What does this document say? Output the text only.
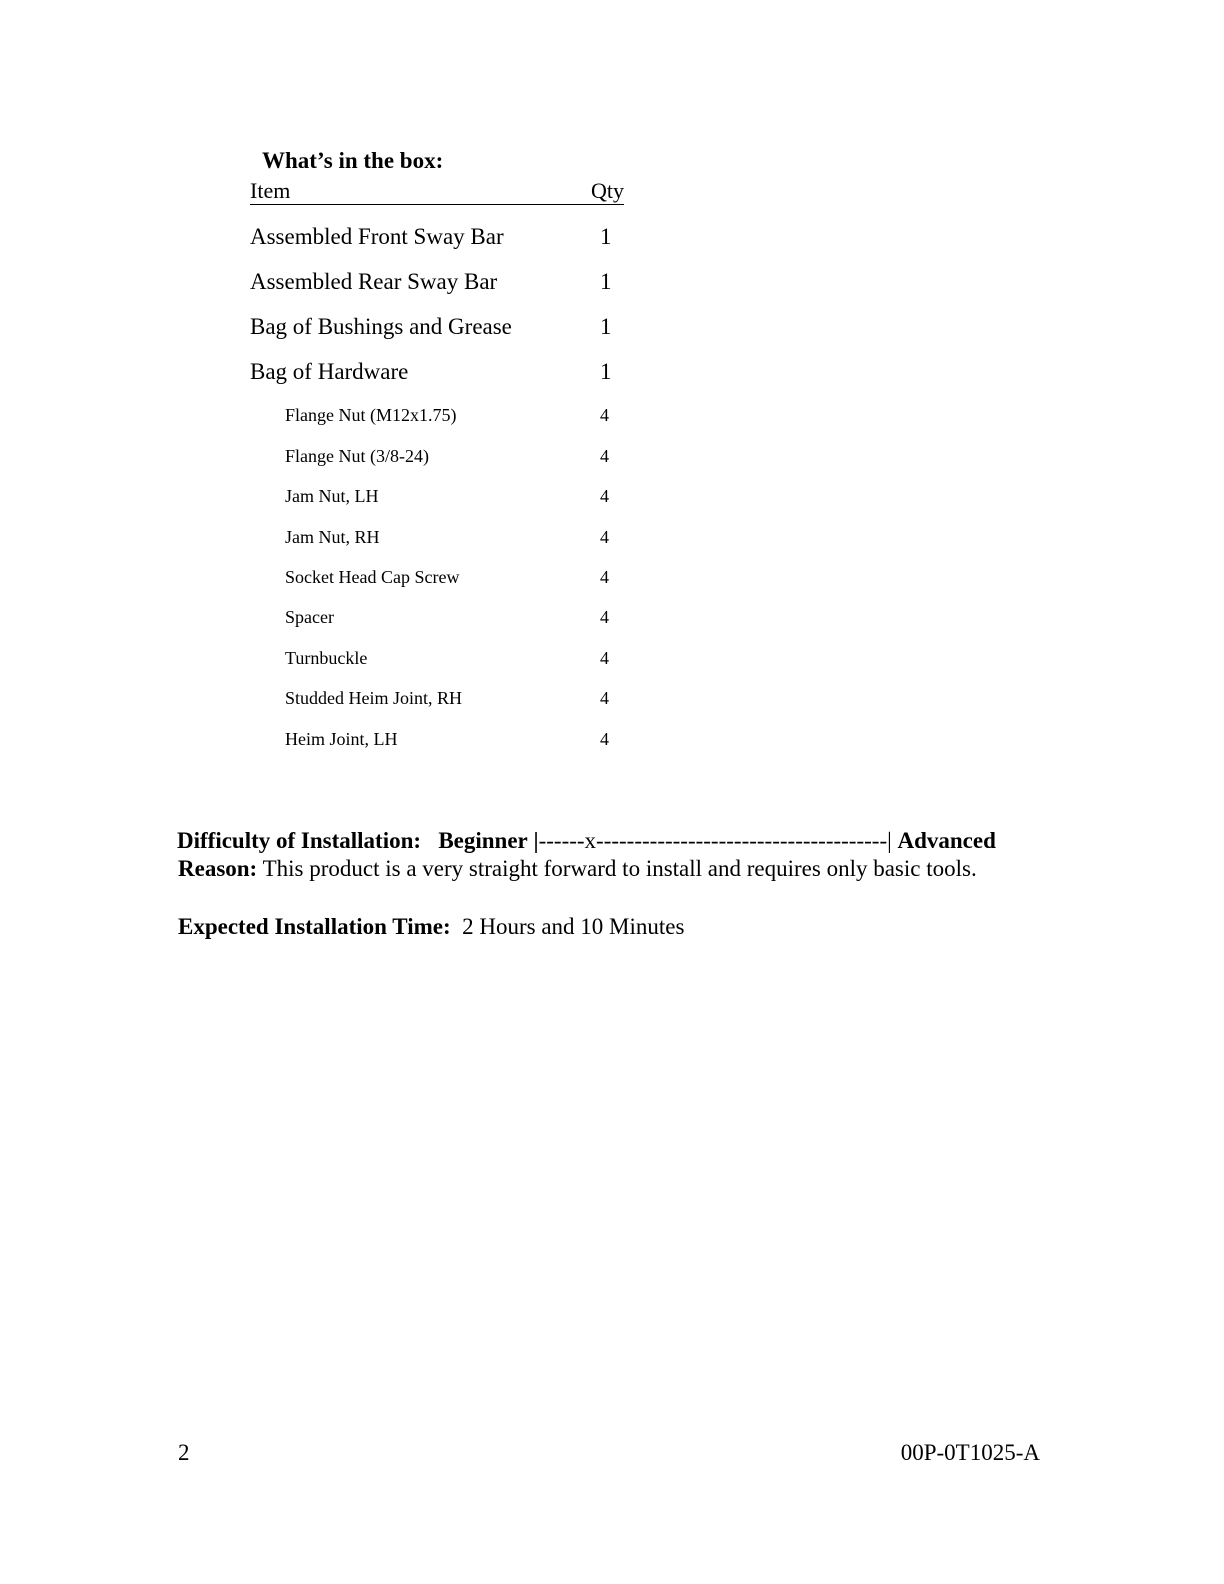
What’s in the box:
Item	Qty
Assembled Front Sway Bar	1
Assembled Rear Sway Bar	1
Bag of Bushings and Grease	1
Bag of Hardware	1
Flange Nut (M12x1.75)	4
Flange Nut (3/8-24)	4
Jam Nut, LH	4
Jam Nut, RH	4
Socket Head Cap Screw	4
Spacer	4
Turnbuckle	4
Studded Heim Joint, RH	4
Heim Joint, LH	4
Difficulty of Installation: Beginner |------x--------------------------------------| Advanced
Reason: This product is a very straight forward to install and requires only basic tools.
Expected Installation Time: 2 Hours and 10 Minutes
2	00P-0T1025-A
